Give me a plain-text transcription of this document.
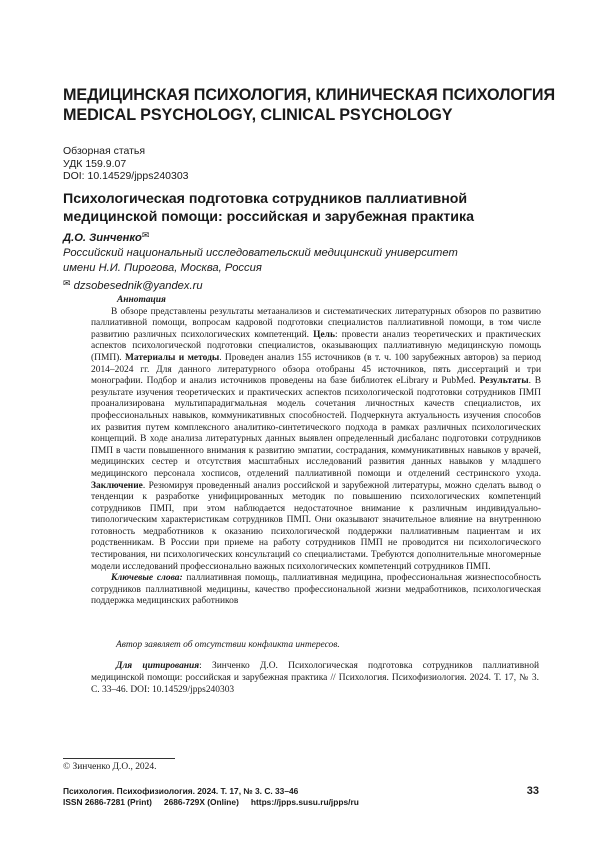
МЕДИЦИНСКАЯ ПСИХОЛОГИЯ, КЛИНИЧЕСКАЯ ПСИХОЛОГИЯ
MEDICAL PSYCHOLOGY, CLINICAL PSYCHOLOGY
Обзорная статья
УДК 159.9.07
DOI: 10.14529/jpps240303
Психологическая подготовка сотрудников паллиативной
медицинской помощи: российская и зарубежная практика
Д.О. Зинченко✉
Российский национальный исследовательский медицинский университет
имени Н.И. Пирогова, Москва, Россия
✉ dzsobesednik@yandex.ru
Аннотация

В обзоре представлены результаты метаанализов и систематических литературных обзоров по развитию паллиативной помощи, вопросам кадровой подготовки специалистов паллиативной помощи, в том числе развитию различных психологических компетенций. Цель: провести анализ теоретических и практических аспектов психологической подготовки специалистов, оказывающих паллиативную медицинскую помощь (ПМП). Материалы и методы. Проведен анализ 155 источников (в т. ч. 100 зарубежных авторов) за период 2014–2024 гг. Для данного литературного обзора отобраны 45 источников, пять диссертаций и три монографии. Подбор и анализ источников проведены на базе библиотек eLibrary и PubMed. Результаты. В результате изучения теоретических и практических аспектов психологической подготовки сотрудников ПМП проанализирована мультипарадигмальная модель сочетания личностных качеств специалистов, их профессиональных навыков, коммуникативных способностей. Подчеркнута актуальность изучения способов их развития путем комплексного аналитико-синтетического подхода в рамках различных психологических концепций. В ходе анализа литературных данных выявлен определенный дисбаланс подготовки сотрудников ПМП в части повышенного внимания к развитию эмпатии, сострадания, коммуникативных навыков у врачей, медицинских сестер и отсутствия масштабных исследований развития данных навыков у младшего медицинского персонала хосписов, отделений паллиативной помощи и отделений сестринского ухода. Заключение. Резюмируя проведенный анализ российской и зарубежной литературы, можно сделать вывод о тенденции к разработке унифицированных методик по повышению психологических компетенций сотрудников ПМП, при этом наблюдается недостаточное внимание к различным индивидуально-типологическим характеристикам сотрудников ПМП. Они оказывают значительное влияние на внутреннюю готовность медработников к оказанию психологической поддержки паллиативным пациентам и их родственникам. В России при приеме на работу сотрудников ПМП не проводится ни психологического тестирования, ни психологических консультаций со специалистами. Требуются дополнительные многомерные модели исследований профессионально важных психологических компетенций сотрудников ПМП.

Ключевые слова: паллиативная помощь, паллиативная медицина, профессиональная жизнеспособность сотрудников паллиативной медицины, качество профессиональной жизни медработников, психологическая поддержка медицинских работников

Автор заявляет об отсутствии конфликта интересов.
Для цитирования: Зинченко Д.О. Психологическая подготовка сотрудников паллиативной медицинской помощи: российская и зарубежная практика // Психология. Психофизиология. 2024. Т. 17, № 3. С. 33–46. DOI: 10.14529/jpps240303
© Зинченко Д.О., 2024.
Психология. Психофизиология. 2024. Т. 17, № 3. С. 33–46
ISSN 2686-7281 (Print) 2686-729X (Online) https://jpps.susu.ru/jpps/ru
33
